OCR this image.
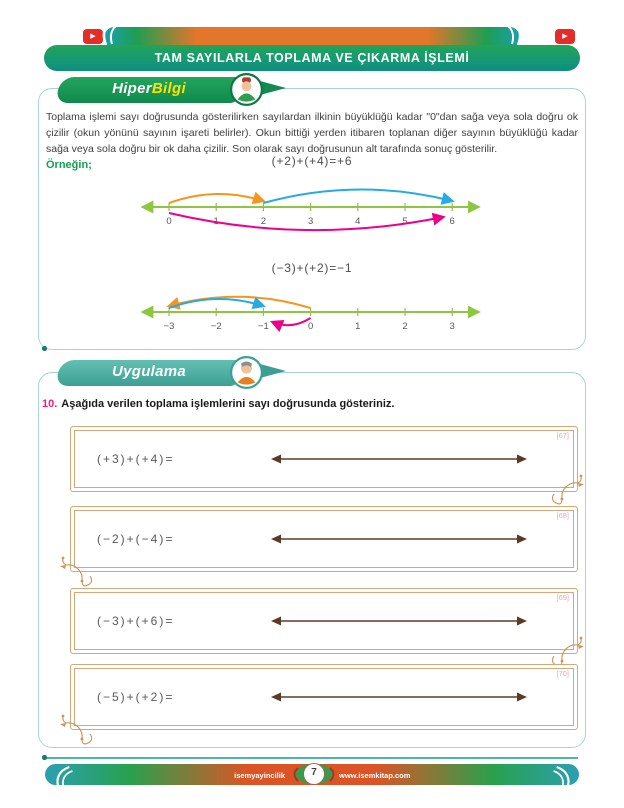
▶	▶
TAM SAYILARLA TOPLAMA VE ÇIKARMA İŞLEMİ
HiperBilgi

Toplama işlemi sayı doğrusunda gösterilirken sayılardan ilkinin büyüklüğü kadar "0"dan sağa veya sola doğru ok çizilir (okun yönünü sayının işareti belirler). Okun bittiği yerden itibaren toplanan diğer sayının büyüklüğü kadar sağa veya sola doğru bir ok daha çizilir. Son olarak sayı doğrusunun alt tarafında sonuç gösterilir.

Örneğin;	(+2)+(+4)=+6
0	1	2	3	4	5	6
(−3)+(+2)=−1
−3	−2	−1	0	1	2	3
Uygulama
10. Aşağıda verilen toplama işlemlerini sayı doğrusunda gösteriniz.
[67]
(+3)+(+4)=
[68]
(−2)+(−4)=
[69]
(−3)+(+6)=
[70]
(−5)+(+2)=
isemyayincilik	www.isemkitap.com
7
